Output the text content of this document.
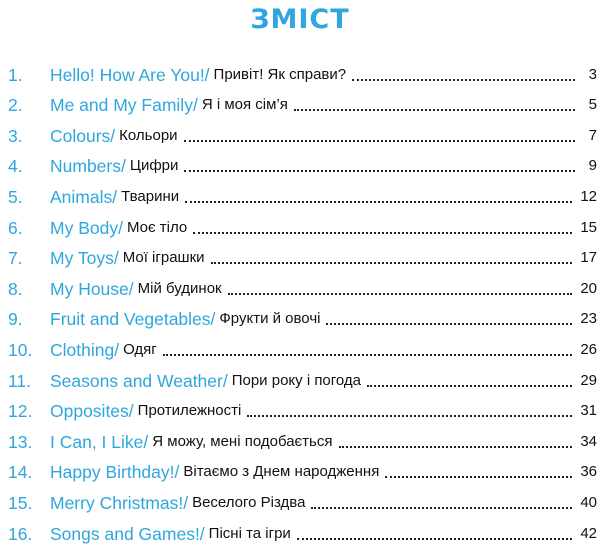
ЗМІСТ
1.	Hello! How Are You!/ Привіт! Як справи?	3
2.	Me and My Family/ Я і моя сім’я	5
3.	Colours/ Кольори	7
4.	Numbers/ Цифри	9
5.	Animals/ Тварини	12
6.	My Body/ Моє тіло	15
7.	My Toys/ Мої іграшки	17
8.	My House/ Мій будинок	20
9.	Fruit and Vegetables/ Фрукти й овочі	23
10.	Clothing/ Одяг	26
11.	Seasons and Weather/ Пори року і погода	29
12.	Opposites/ Протилежності	31
13.	I Can, I Like/ Я можу, мені подобається	34
14.	Happy Birthday!/ Вітаємо з Днем народження	36
15.	Merry Christmas!/ Веселого Різдва	40
16.	Songs and Games!/ Пісні та ігри	42
